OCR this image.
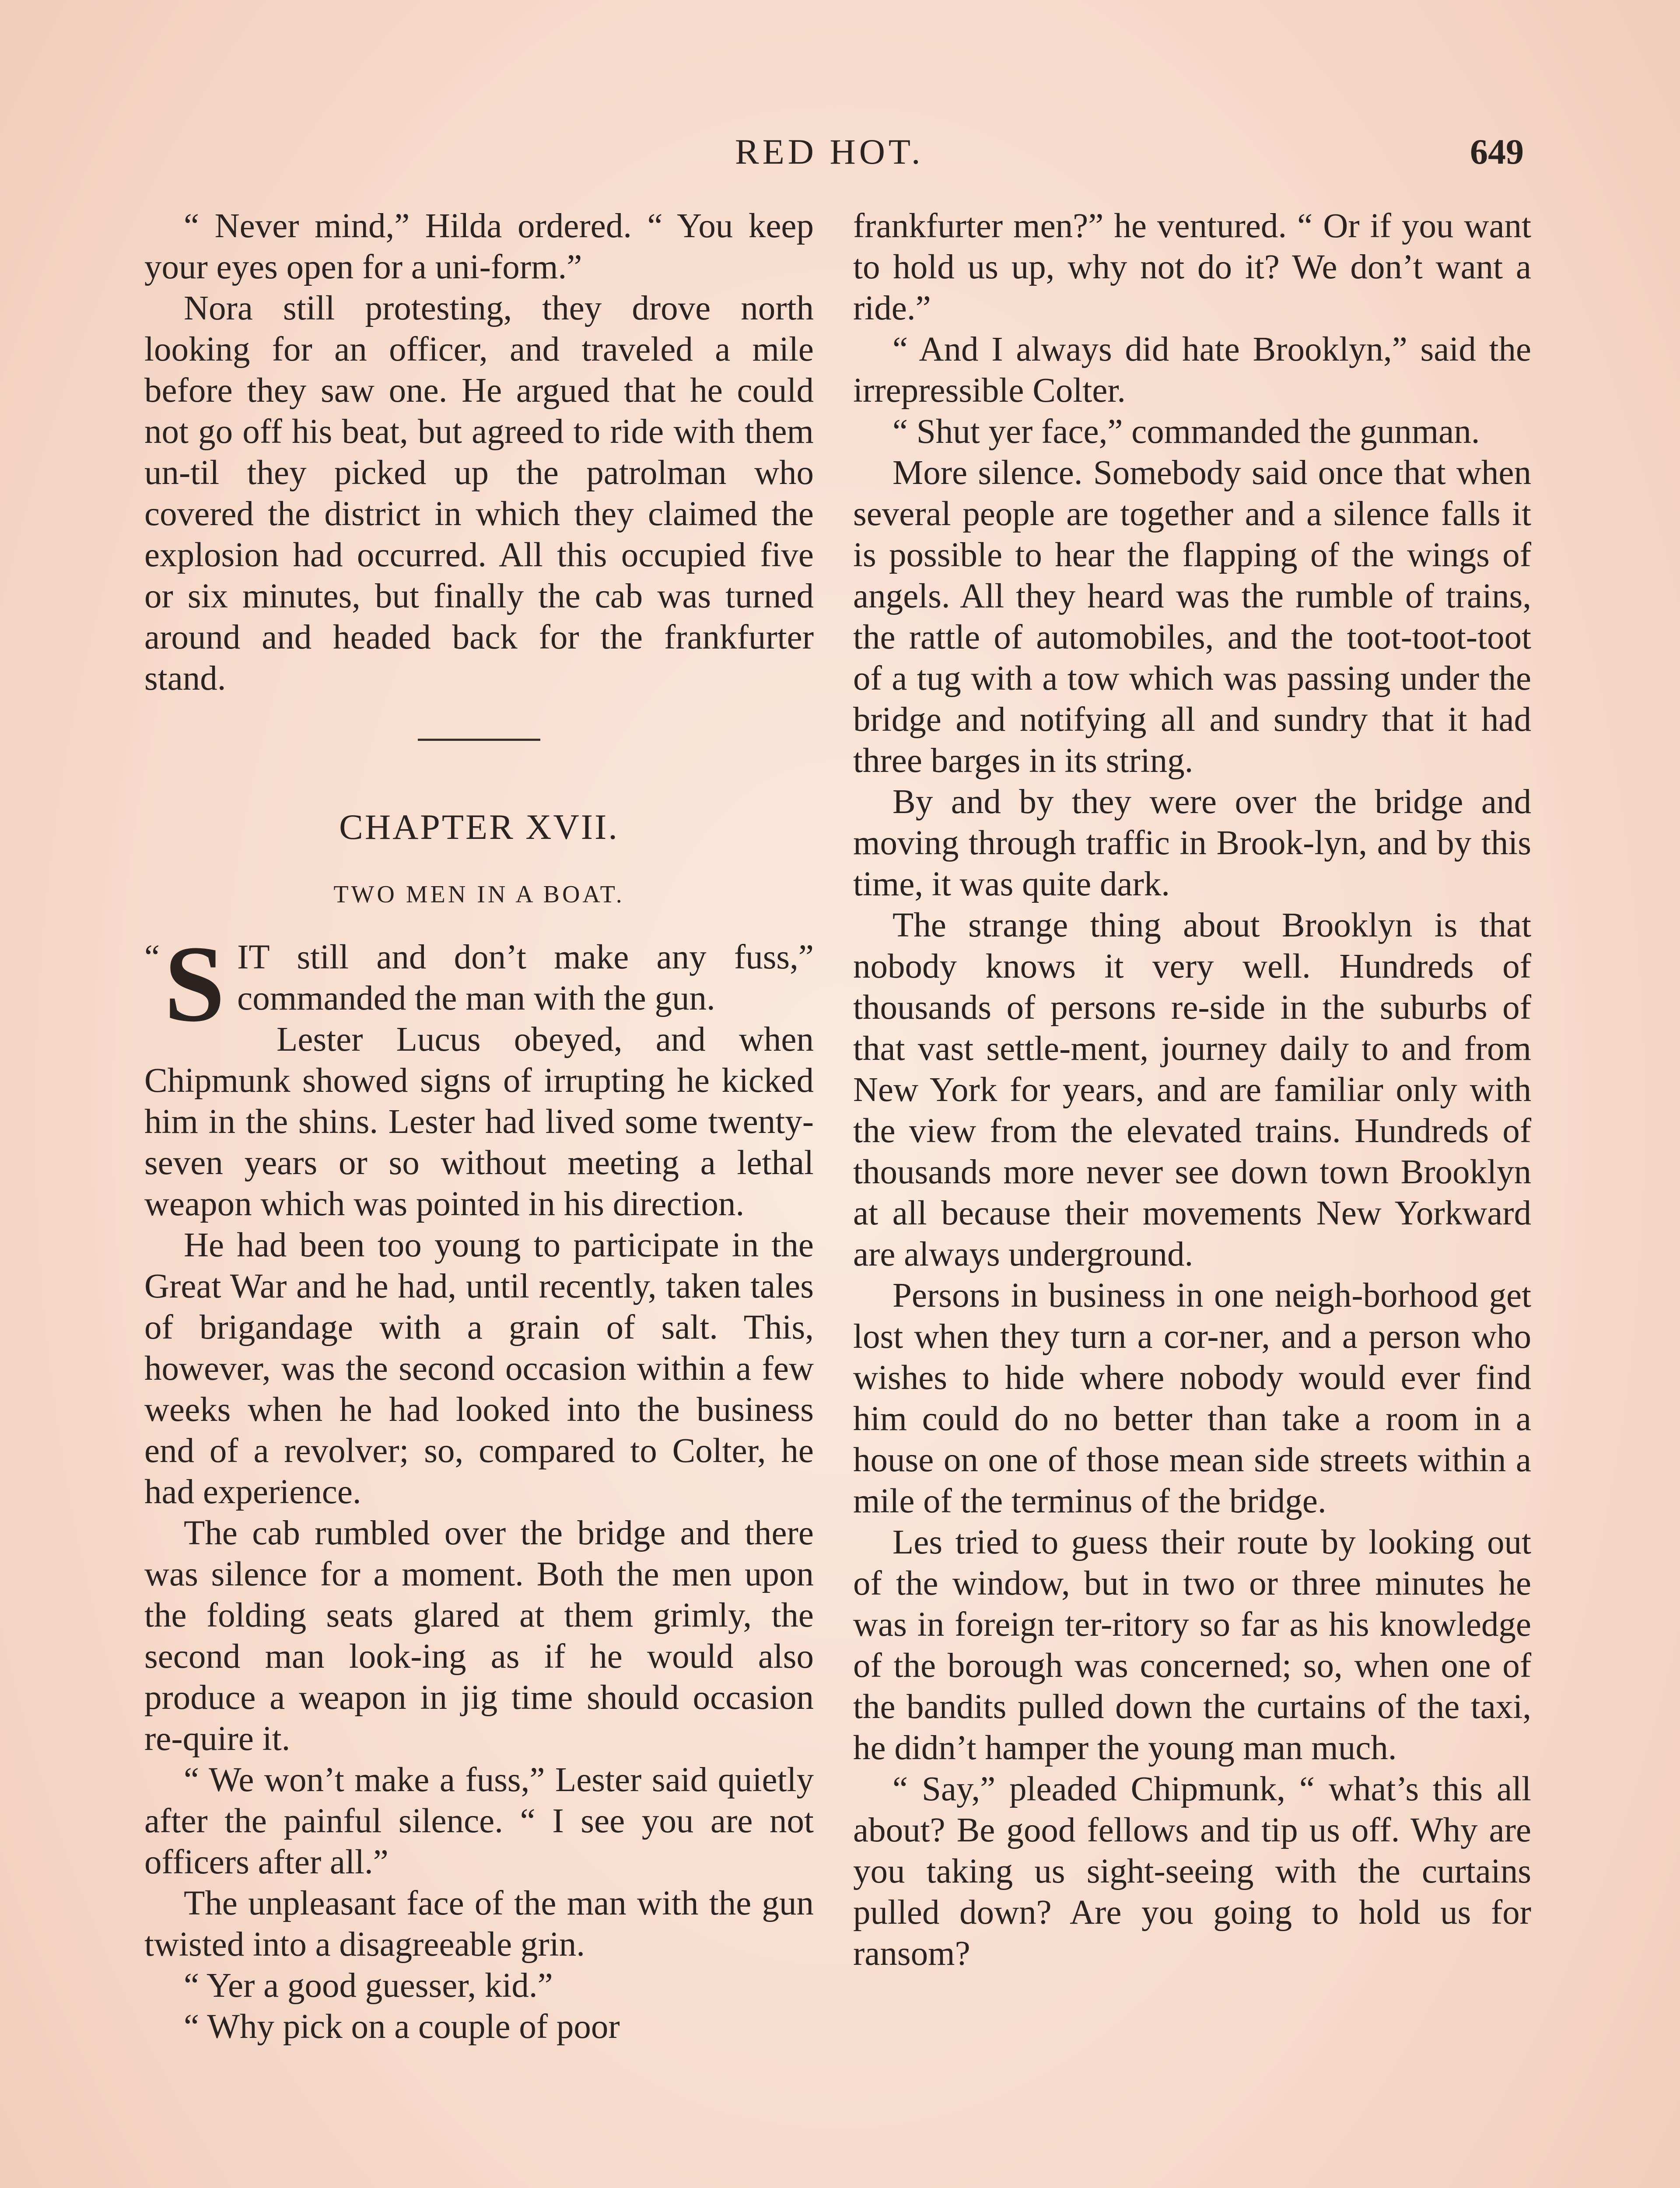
RED HOT.	649

“ Never mind,” Hilda ordered. “ You keep your eyes open for a uni-form.”

Nora still protesting, they drove north looking for an officer, and traveled a mile before they saw one. He argued that he could not go off his beat, but agreed to ride with them un-til they picked up the patrolman who covered the district in which they claimed the explosion had occurred. All this occupied five or six minutes, but finally the cab was turned around and headed back for the frankfurter stand.

CHAPTER XVII.
TWO MEN IN A BOAT.

“ S IT still and don’t make any fuss,” commanded the man with the gun.

Lester Lucus obeyed, and when Chipmunk showed signs of irrupting he kicked him in the shins. Lester had lived some twenty-seven years or so without meeting a lethal weapon which was pointed in his direction.

He had been too young to participate in the Great War and he had, until recently, taken tales of brigandage with a grain of salt. This, however, was the second occasion within a few weeks when he had looked into the business end of a revolver; so, compared to Colter, he had experience.

The cab rumbled over the bridge and there was silence for a moment. Both the men upon the folding seats glared at them grimly, the second man look-ing as if he would also produce a weapon in jig time should occasion re-quire it.

“ We won’t make a fuss,” Lester said quietly after the painful silence. “ I see you are not officers after all.”

The unpleasant face of the man with the gun twisted into a disagreeable grin.

“ Yer a good guesser, kid.”

“ Why pick on a couple of poor

frankfurter men?” he ventured. “ Or if you want to hold us up, why not do it? We don’t want a ride.”

“ And I always did hate Brooklyn,” said the irrepressible Colter.

“ Shut yer face,” commanded the gunman.

More silence. Somebody said once that when several people are together and a silence falls it is possible to hear the flapping of the wings of angels. All they heard was the rumble of trains, the rattle of automobiles, and the toot-toot-toot of a tug with a tow which was passing under the bridge and notifying all and sundry that it had three barges in its string.

By and by they were over the bridge and moving through traffic in Brook-lyn, and by this time, it was quite dark.

The strange thing about Brooklyn is that nobody knows it very well. Hundreds of thousands of persons re-side in the suburbs of that vast settle-ment, journey daily to and from New York for years, and are familiar only with the view from the elevated trains. Hundreds of thousands more never see down town Brooklyn at all because their movements New Yorkward are always underground.

Persons in business in one neigh-borhood get lost when they turn a cor-ner, and a person who wishes to hide where nobody would ever find him could do no better than take a room in a house on one of those mean side streets within a mile of the terminus of the bridge.

Les tried to guess their route by looking out of the window, but in two or three minutes he was in foreign ter-ritory so far as his knowledge of the borough was concerned; so, when one of the bandits pulled down the curtains of the taxi, he didn’t hamper the young man much.

“ Say,” pleaded Chipmunk, “ what’s this all about? Be good fellows and tip us off. Why are you taking us sight-seeing with the curtains pulled down? Are you going to hold us for ransom?
